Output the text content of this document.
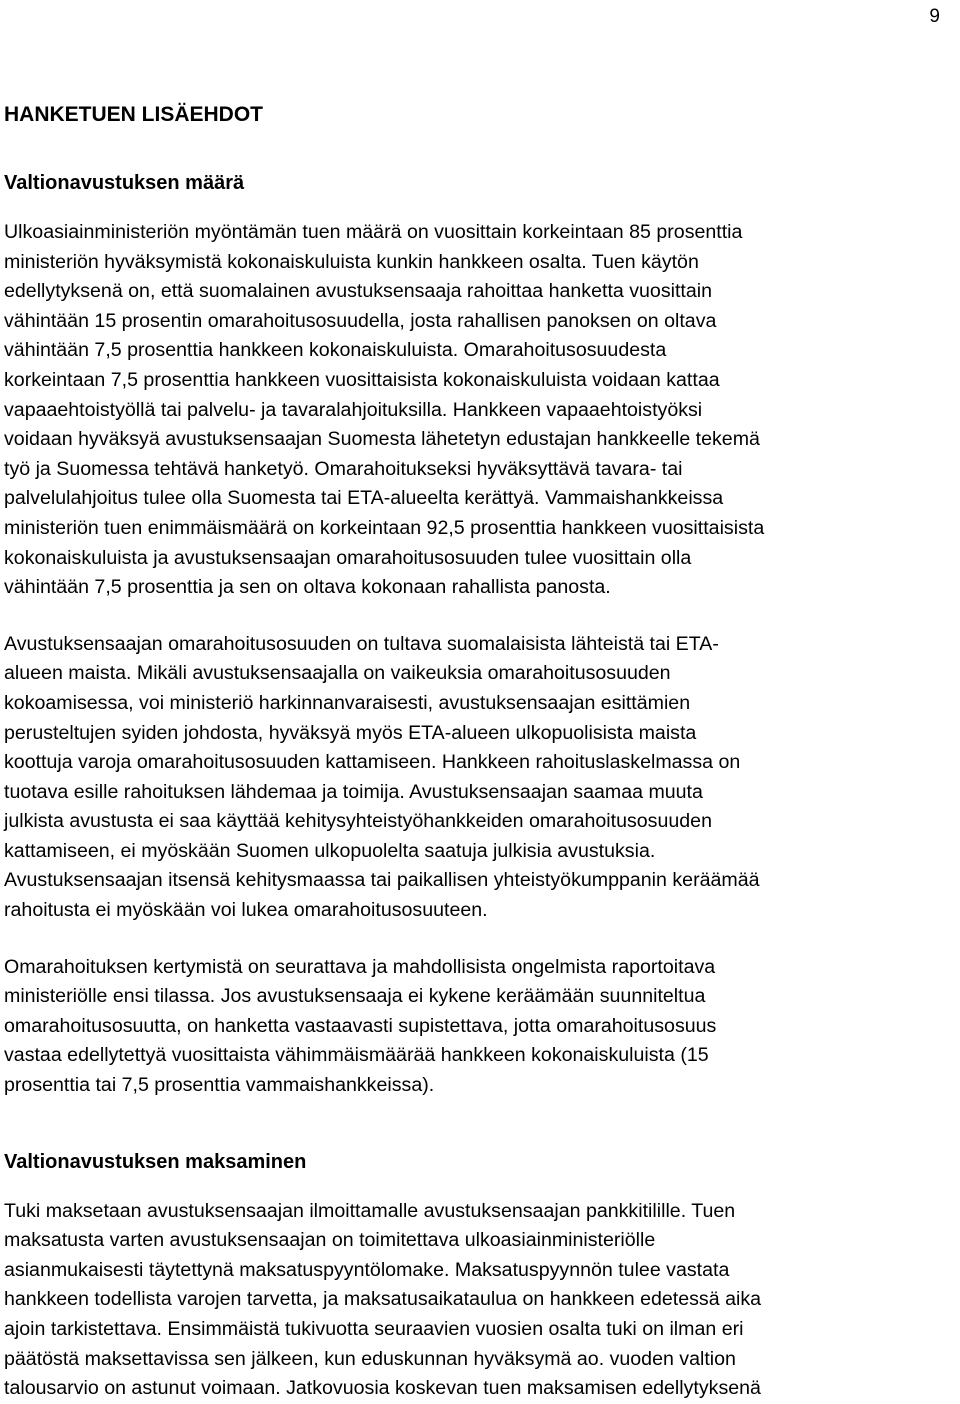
9
HANKETUEN LISÄEHDOT
Valtionavustuksen määrä

Ulkoasiainministeriön myöntämän tuen määrä on vuosittain korkeintaan 85 prosenttia
ministeriön hyväksymistä kokonaiskuluista kunkin hankkeen osalta. Tuen käytön
edellytyksenä on, että suomalainen avustuksensaaja rahoittaa hanketta vuosittain
vähintään 15 prosentin omarahoitusosuudella, josta rahallisen panoksen on oltava
vähintään 7,5 prosenttia hankkeen kokonaiskuluista. Omarahoitusosuudesta
korkeintaan 7,5 prosenttia hankkeen vuosittaisista kokonaiskuluista voidaan kattaa
vapaaehtoistyöllä tai palvelu- ja tavaralahjoituksilla. Hankkeen vapaaehtoistyöksi
voidaan hyväksyä avustuksensaajan Suomesta lähetetyn edustajan hankkeelle tekemä
työ ja Suomessa tehtävä hanketyö. Omarahoitukseksi hyväksyttävä tavara- tai
palvelulahjoitus tulee olla Suomesta tai ETA-alueelta kerättyä. Vammaishankkeissa
ministeriön tuen enimmäismäärä on korkeintaan 92,5 prosenttia hankkeen vuosittaisista
kokonaiskuluista ja avustuksensaajan omarahoitusosuuden tulee vuosittain olla
vähintään 7,5 prosenttia ja sen on oltava kokonaan rahallista panosta.

Avustuksensaajan omarahoitusosuuden on tultava suomalaisista lähteistä tai ETA-
alueen maista. Mikäli avustuksensaajalla on vaikeuksia omarahoitusosuuden
kokoamisessa, voi ministeriö harkinnanvaraisesti, avustuksensaajan esittämien
perusteltujen syiden johdosta, hyväksyä myös ETA-alueen ulkopuolisista maista
koottuja varoja omarahoitusosuuden kattamiseen. Hankkeen rahoituslaskelmassa on
tuotava esille rahoituksen lähdemaa ja toimija. Avustuksensaajan saamaa muuta
julkista avustusta ei saa käyttää kehitysyhteistyöhankkeiden omarahoitusosuuden
kattamiseen, ei myöskään Suomen ulkopuolelta saatuja julkisia avustuksia.
Avustuksensaajan itsensä kehitysmaassa tai paikallisen yhteistyökumppanin keräämää
rahoitusta ei myöskään voi lukea omarahoitusosuuteen.

Omarahoituksen kertymistä on seurattava ja mahdollisista ongelmista raportoitava
ministeriölle ensi tilassa. Jos avustuksensaaja ei kykene keräämään suunniteltua
omarahoitusosuutta, on hanketta vastaavasti supistettava, jotta omarahoitusosuus
vastaa edellytettyä vuosittaista vähimmäismäärää hankkeen kokonaiskuluista (15
prosenttia tai 7,5 prosenttia vammaishankkeissa).

Valtionavustuksen maksaminen

Tuki maksetaan avustuksensaajan ilmoittamalle avustuksensaajan pankkitilille. Tuen
maksatusta varten avustuksensaajan on toimitettava ulkoasiainministeriölle
asianmukaisesti täytettynä maksatuspyyntölomake. Maksatuspyynnön tulee vastata
hankkeen todellista varojen tarvetta, ja maksatusaikataulua on hankkeen edetessä aika
ajoin tarkistettava. Ensimmäistä tukivuotta seuraavien vuosien osalta tuki on ilman eri
päätöstä maksettavissa sen jälkeen, kun eduskunnan hyväksymä ao. vuoden valtion
talousarvio on astunut voimaan. Jatkovuosia koskevan tuen maksamisen edellytyksenä
